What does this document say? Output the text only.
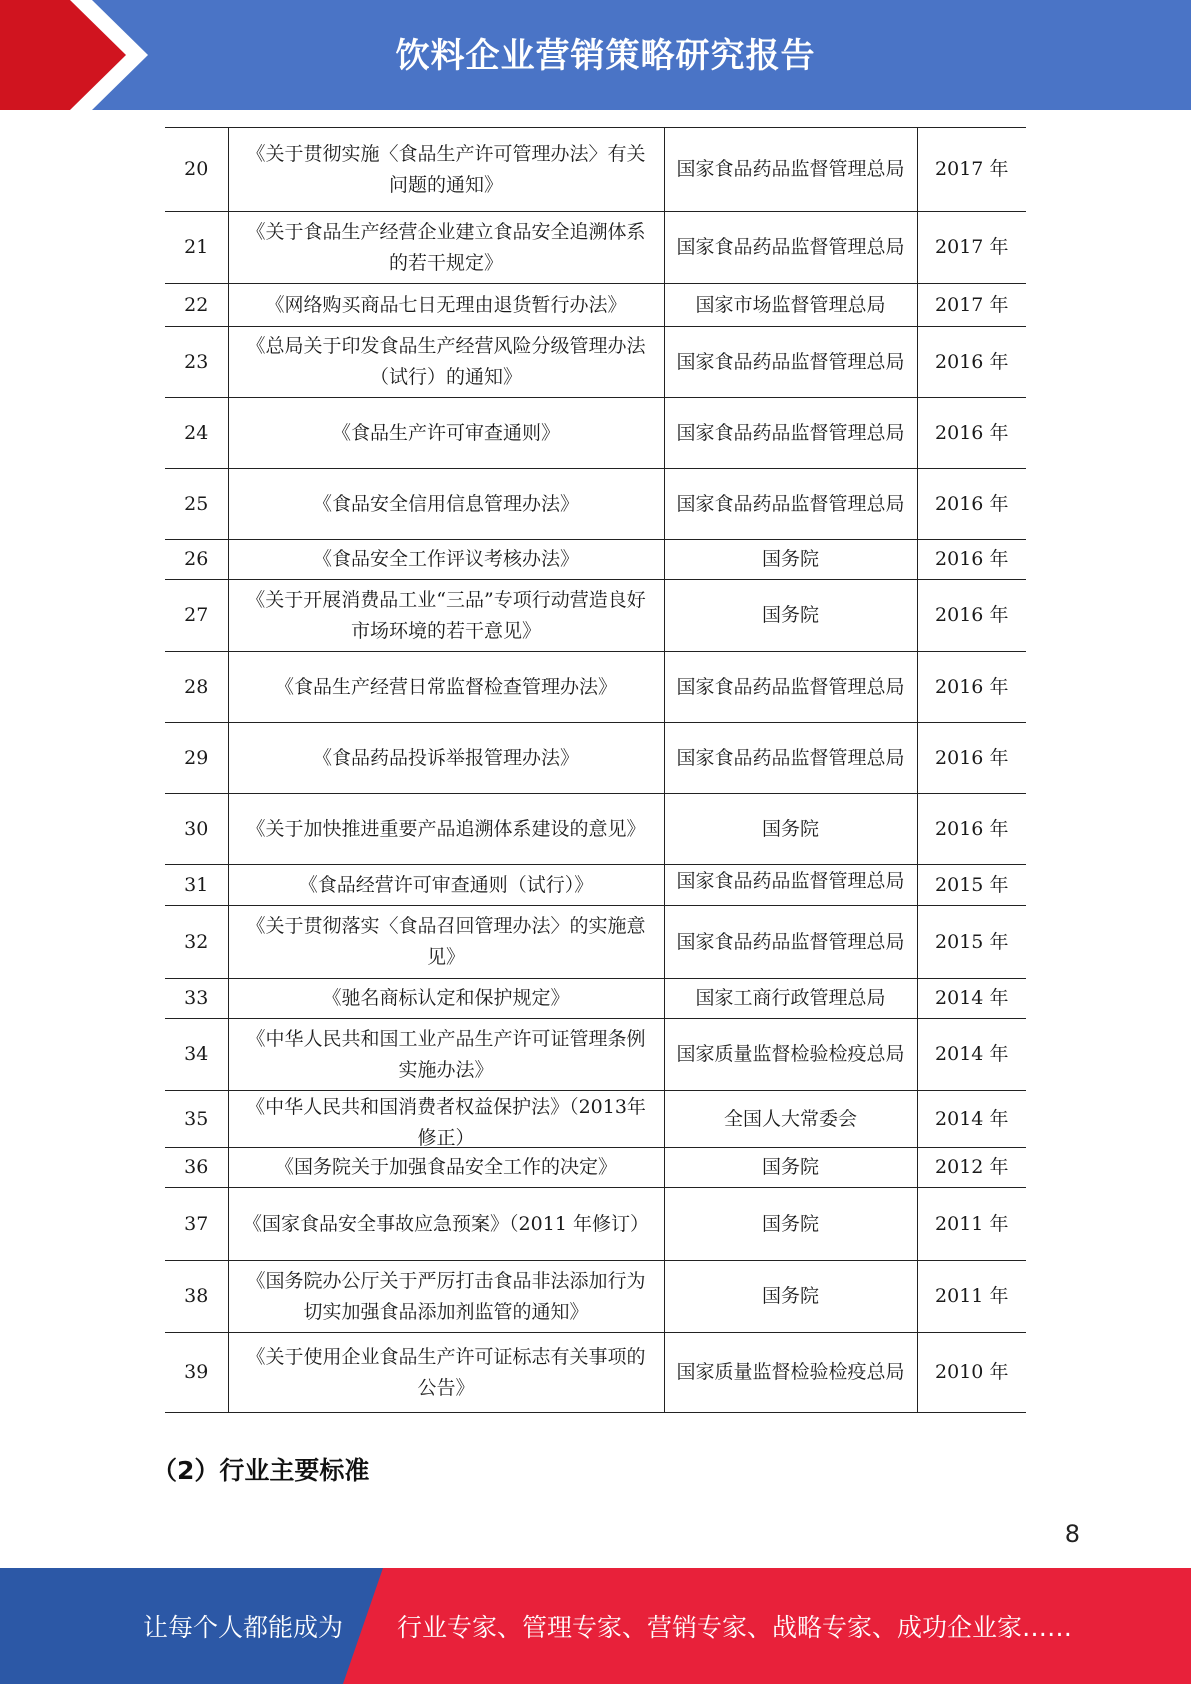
饮料企业营销策略研究报告
20	《关于贯彻实施〈食品生产许可管理办法〉有关问题的通知》	国家食品药品监督管理总局	2017 年
21	《关于食品生产经营企业建立食品安全追溯体系的若干规定》	国家食品药品监督管理总局	2017 年
22	《网络购买商品七日无理由退货暂行办法》	国家市场监督管理总局	2017 年
23	《总局关于印发食品生产经营风险分级管理办法（试行）的通知》	国家食品药品监督管理总局	2016 年
24	《食品生产许可审查通则》	国家食品药品监督管理总局	2016 年
25	《食品安全信用信息管理办法》	国家食品药品监督管理总局	2016 年
26	《食品安全工作评议考核办法》	国务院	2016 年
27	《关于开展消费品工业“三品”专项行动营造良好市场环境的若干意见》	国务院	2016 年
28	《食品生产经营日常监督检查管理办法》	国家食品药品监督管理总局	2016 年
29	《食品药品投诉举报管理办法》	国家食品药品监督管理总局	2016 年
30	《关于加快推进重要产品追溯体系建设的意见》	国务院	2016 年
31	《食品经营许可审查通则（试行）》	国家食品药品监督管理总局	2015 年
32	《关于贯彻落实〈食品召回管理办法〉的实施意见》	国家食品药品监督管理总局	2015 年
33	《驰名商标认定和保护规定》	国家工商行政管理总局	2014 年
34	《中华人民共和国工业产品生产许可证管理条例实施办法》	国家质量监督检验检疫总局	2014 年
35	《中华人民共和国消费者权益保护法》（2013年修正）	全国人大常委会	2014 年
36	《国务院关于加强食品安全工作的决定》	国务院	2012 年
37	《国家食品安全事故应急预案》（2011 年修订）	国务院	2011 年
38	《国务院办公厅关于严厉打击食品非法添加行为切实加强食品添加剂监管的通知》	国务院	2011 年
39	《关于使用企业食品生产许可证标志有关事项的公告》	国家质量监督检验检疫总局	2010 年
（2）行业主要标准
8
让每个人都能成为 行业专家、管理专家、营销专家、战略专家、成功企业家……
